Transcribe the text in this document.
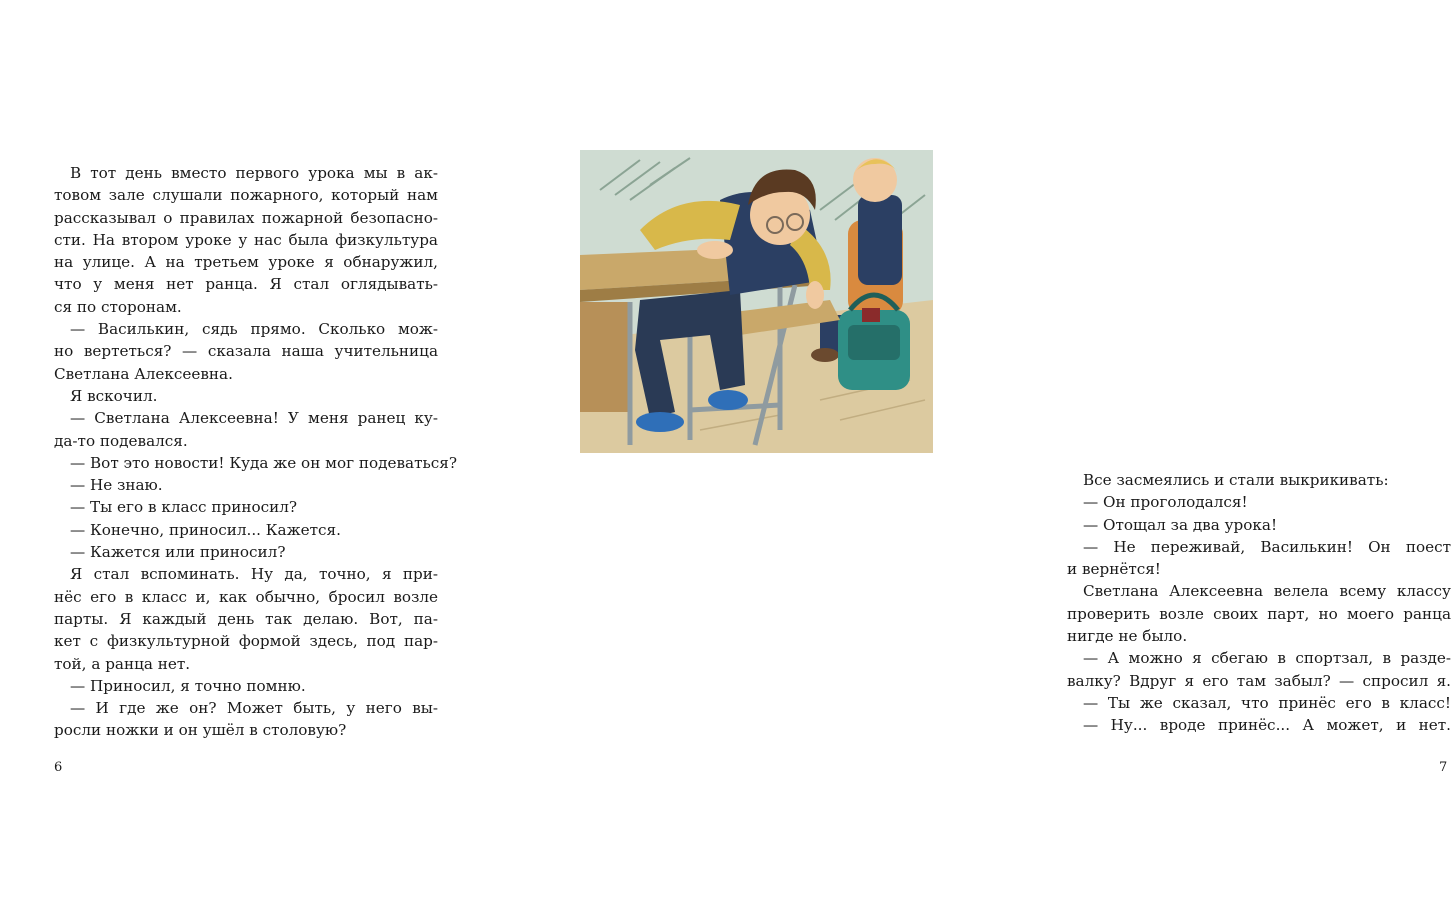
В тот день вместо первого урока мы в ак-
товом зале слушали пожарного, который нам
рассказывал о правилах пожарной безопасно-
сти. На втором уроке у нас была физкультура
на улице. А на третьем уроке я обнаружил,
что у меня нет ранца. Я стал оглядывать-
ся по сторонам.
— Василькин, сядь прямо. Сколько мож-
но вертеться? — сказала наша учительница
Светлана Алексеевна.
Я вскочил.
— Светлана Алексеевна! У меня ранец ку-
да-то подевался.
— Вот это новости! Куда же он мог подеваться?
— Не знаю.
— Ты его в класс приносил?
— Конечно, приносил... Кажется.
— Кажется или приносил?
Я стал вспоминать. Ну да, точно, я при-
нёс его в класс и, как обычно, бросил возле
парты. Я каждый день так делаю. Вот, па-
кет с физкультурной формой здесь, под пар-
той, а ранца нет.
— Приносил, я точно помню.
— И где же он? Может быть, у него вы-
росли ножки и он ушёл в столовую?
6
Все засмеялись и стали выкрикивать:
— Он проголодался!
— Отощал за два урока!
— Не переживай, Василькин! Он поест
и вернётся!
Светлана Алексеевна велела всему классу
проверить возле своих парт, но моего ранца
нигде не было.
— А можно я сбегаю в спортзал, в разде-
валку? Вдруг я его там забыл? — спросил я.
— Ты же сказал, что принёс его в класс!
— Ну... вроде принёс... А может, и нет.
7
